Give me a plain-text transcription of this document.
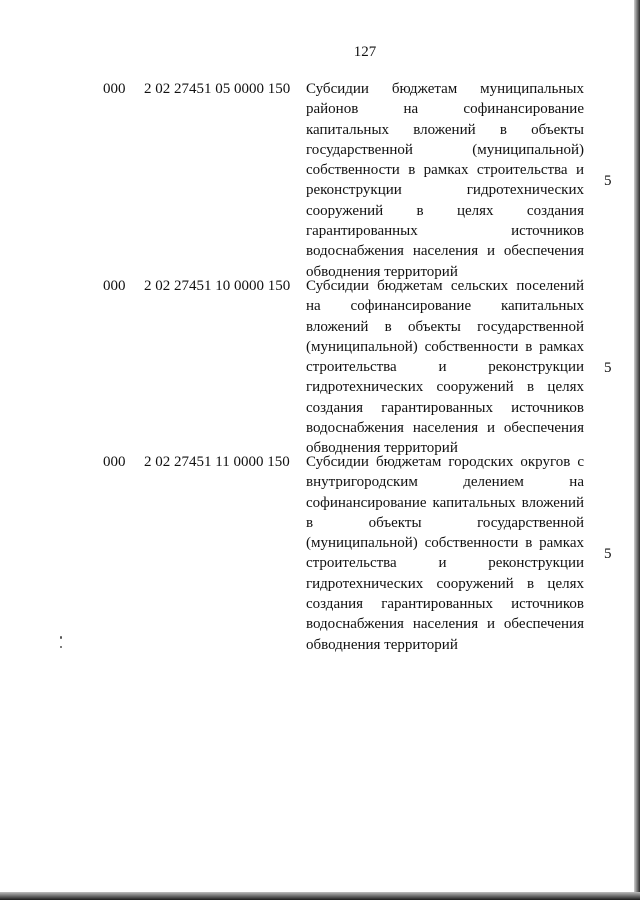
127
000 2 02 27451 05 0000 150 Субсидии бюджетам муниципальных районов на софинансирование капитальных вложений в объекты государственной (муниципальной) собственности в рамках строительства и реконструкции гидротехнических сооружений в целях создания гарантированных источников водоснабжения населения и обеспечения обводнения территорий
5
000 2 02 27451 10 0000 150 Субсидии бюджетам сельских поселений на софинансирование капитальных вложений в объекты государственной (муниципальной) собственности в рамках строительства и реконструкции гидротехнических сооружений в целях создания гарантированных источников водоснабжения населения и обеспечения обводнения территорий
5
000 2 02 27451 11 0000 150 Субсидии бюджетам городских округов с внутригородским делением на софинансирование капитальных вложений в объекты государственной (муниципальной) собственности в рамках строительства и реконструкции гидротехнических сооружений в целях создания гарантированных источников водоснабжения населения и обеспечения обводнения территорий
5
